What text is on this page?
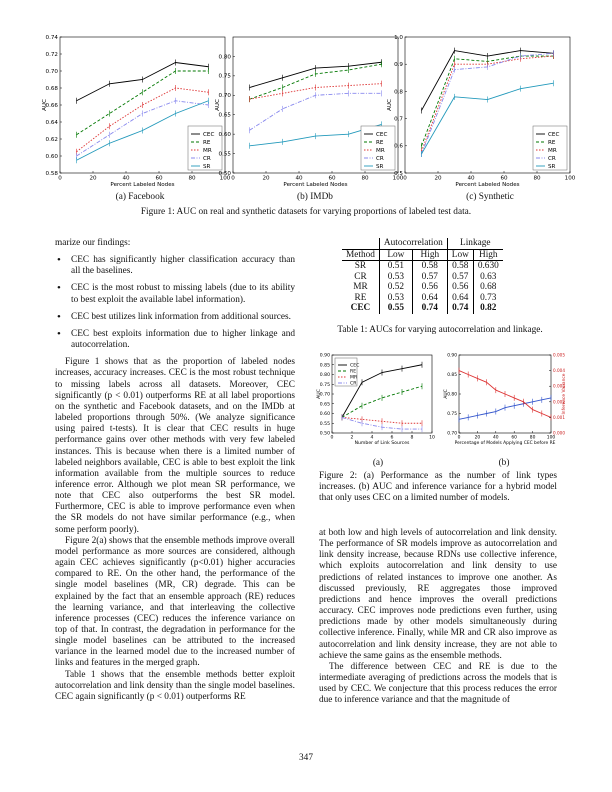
0	20	40	60	80	100
0.58
0.60
0.62
0.64
0.66
0.68
0.70
0.72
0.74
Percent Labeled Nodes
AUC
CEC
RE
MR
CR
SR
0	20	40	60	80	100
0.50
0.55
0.60
0.65
0.70
0.75
0.80
Percent Labeled Nodes
AUC
CEC
RE
MR
CR
SR
0	20	40	60	80	100
0.5
0.6
0.7
0.8
0.9
1.0
Percent Labeled Nodes
AUC
CEC
RE
MR
CR
SR
(a) Facebook	(b) IMDb	(c) Synthetic
Figure 1: AUC on real and synthetic datasets for varying proportions of labeled test data.

marize our findings:

• CEC has significantly higher classification accuracy than all the baselines.
• CEC is the most robust to missing labels (due to its ability to best exploit the available label information).
• CEC best utilizes link information from additional sources.
• CEC best exploits information due to higher linkage and autocorrelation.

Figure 1 shows that as the proportion of labeled nodes increases, accuracy increases. CEC is the most robust technique to missing labels across all datasets. Moreover, CEC significantly (p < 0.01) outperforms RE at all label proportions on the synthetic and Facebook datasets, and on the IMDb at labeled proportions through 50%. (We analyze significance using paired t-tests). It is clear that CEC results in huge performance gains over other methods with very few labeled instances. This is because when there is a limited number of labeled neighbors available, CEC is able to best exploit the link information available from the multiple sources to reduce inference error. Although we plot mean SR performance, we note that CEC also outperforms the best SR model. Furthermore, CEC is able to improve performance even when the SR models do not have similar performance (e.g., when some perform poorly).

Figure 2(a) shows that the ensemble methods improve overall model performance as more sources are considered, although again CEC achieves significantly (p<0.01) higher accuracies compared to RE. On the other hand, the performance of the single model baselines (MR, CR) degrade. This can be explained by the fact that an ensemble approach (RE) reduces the learning variance, and that interleaving the collective inference processes (CEC) reduces the inference variance on top of that. In contrast, the degradation in performance for the single model baselines can be attributed to the increased variance in the learned model due to the increased number of links and features in the merged graph.

Table 1 shows that the ensemble methods better exploit autocorrelation and link density than the single model baselines. CEC again significantly (p < 0.01) outperforms RE

	Autocorrelation		Linkage	
Method	Low	High	Low	High
SR	0.51	0.58	0.58	0.630
CR	0.53	0.57	0.57	0.63
MR	0.52	0.56	0.56	0.68
RE	0.53	0.64	0.64	0.73
CEC	0.55	0.74	0.74	0.82
Table 1: AUCs for varying autocorrelation and linkage.
0	2	4	6	8	10
0.50
0.55
0.60
0.65
0.70
0.75
0.80
0.85
0.90
Number of Link Sources
AUC
CEC
RE
MR
CR
0	20	40	60	80	100
0.70
0.75
0.80
0.85
0.90
Percentage of Models Applying CEC before RE
AUC
0.000
0.001
0.002
0.003
0.004
0.005
Inference Variance
(a)	(b)
Figure 2: (a) Performance as the number of link types increases. (b) AUC and inference variance for a hybrid model that only uses CEC on a limited number of models.

at both low and high levels of autocorrelation and link density. The performance of SR models improve as autocorrelation and link density increase, because RDNs use collective inference, which exploits autocorrelation and link density to use predictions of related instances to improve one another. As discussed previously, RE aggregates those improved predictions and hence improves the overall predictions accuracy. CEC improves node predictions even further, using predictions made by other models simultaneously during collective inference. Finally, while MR and CR also improve as autocorrelation and link density increase, they are not able to achieve the same gains as the ensemble methods.

The difference between CEC and RE is due to the intermediate averaging of predictions across the models that is used by CEC. We conjecture that this process reduces the error due to inference variance and that the magnitude of

347
